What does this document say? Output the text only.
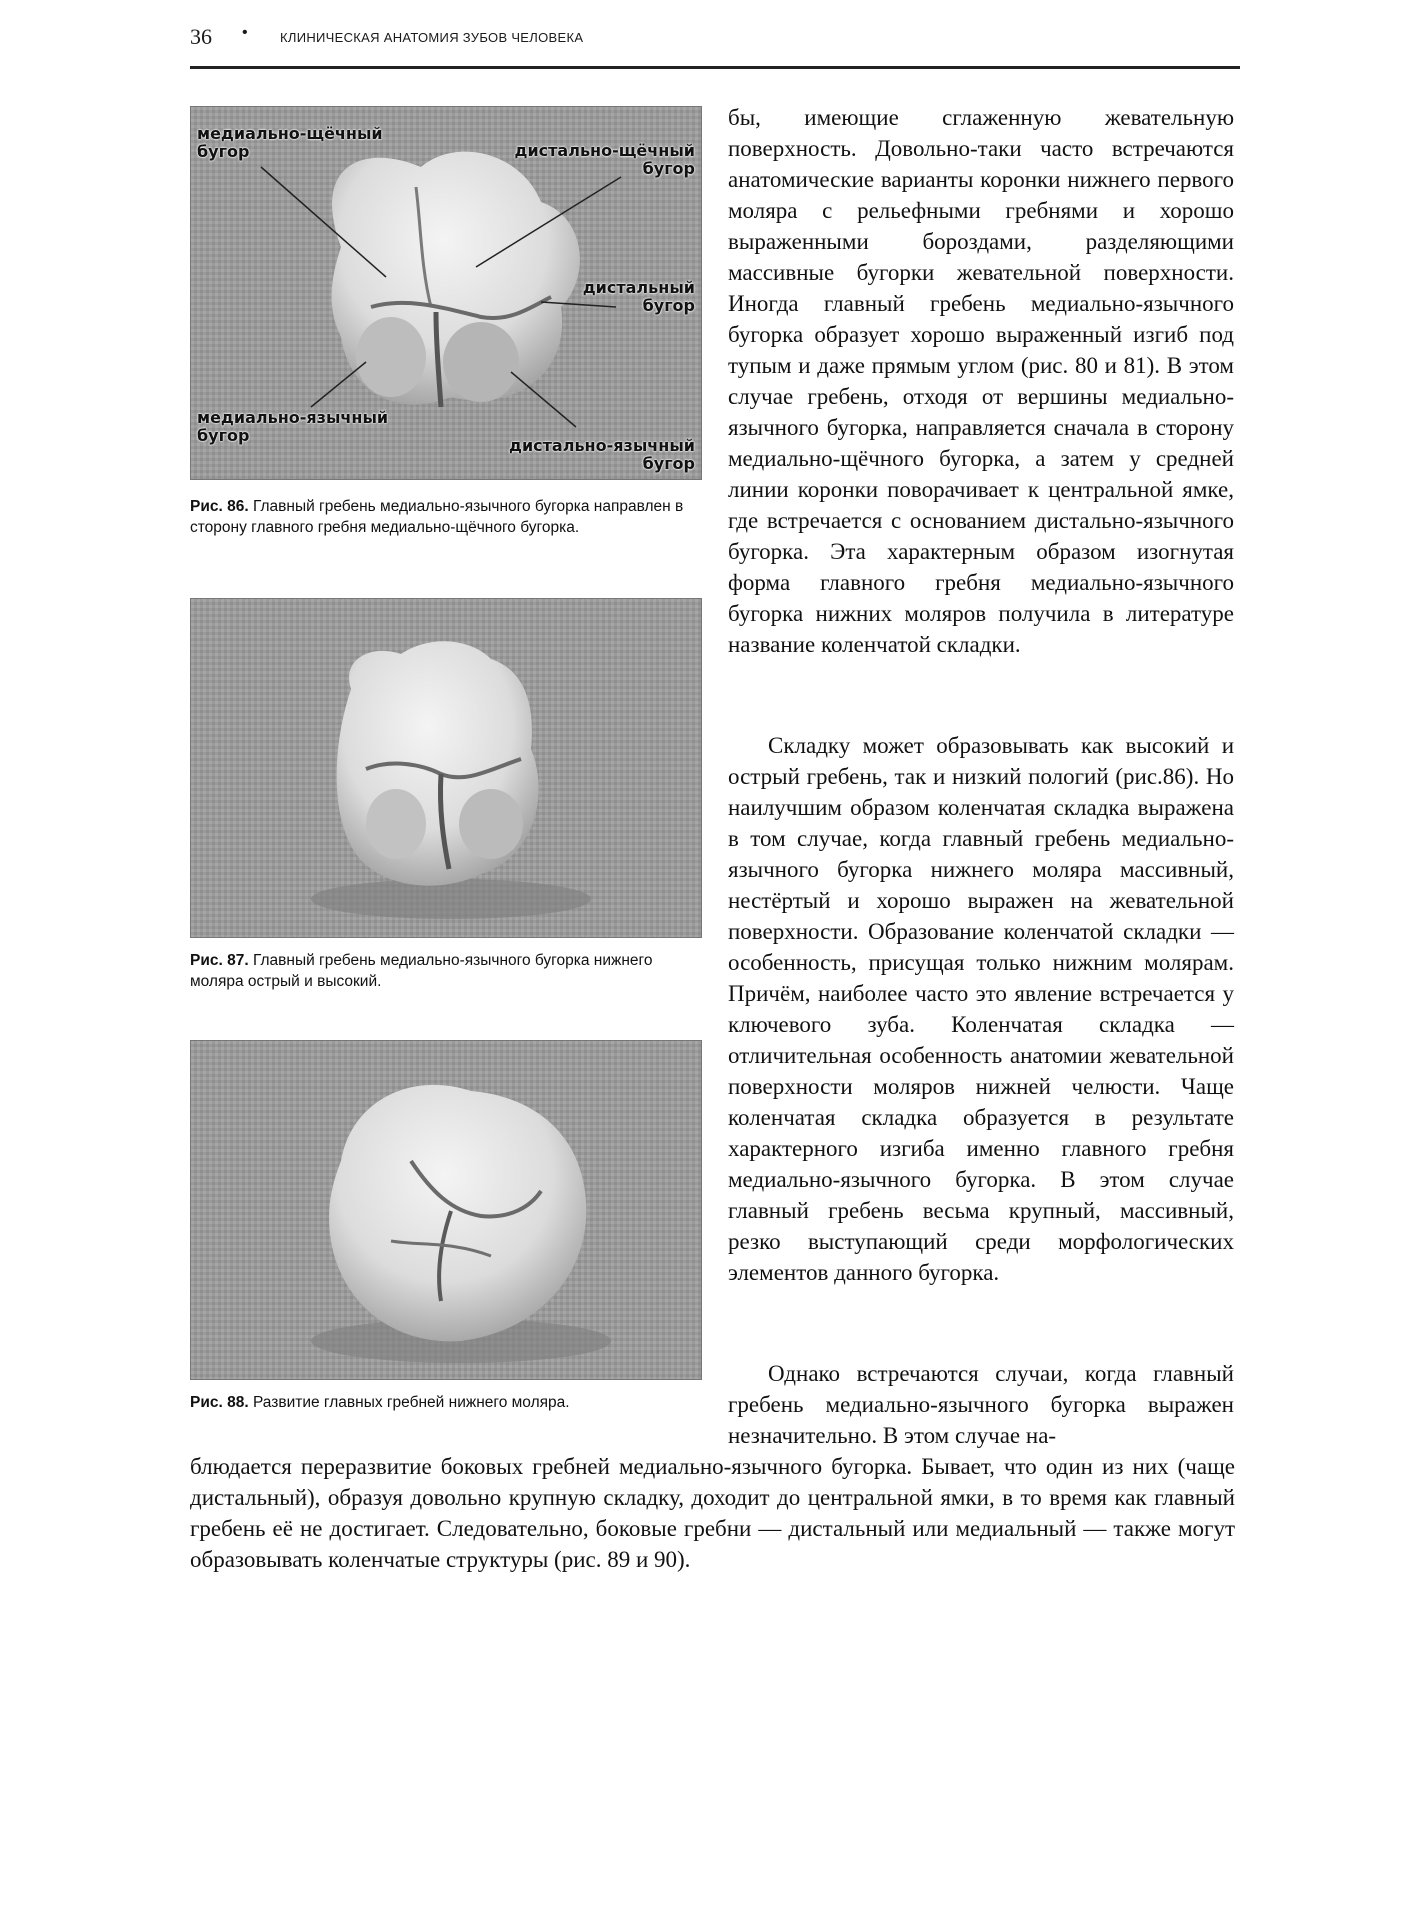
36 • КЛИНИЧЕСКАЯ АНАТОМИЯ ЗУБОВ ЧЕЛОВЕКА
медиально-щёчный бугор	дистально-щёчный бугор
дистальный бугор
медиально-язычный бугор
дистально-язычный бугор
Рис. 86. Главный гребень медиально-язычного бугорка направлен в сторону главного гребня медиально-щёчного бугорка.
Рис. 87. Главный гребень медиально-язычного бугорка нижнего моляра острый и высокий.
Рис. 88. Развитие главных гребней нижнего моляра.

бы, имеющие сглаженную жевательную поверхность. Довольно-таки часто встречаются анатомические варианты коронки нижнего первого моляра с рельефными гребнями и хорошо выраженными бороздами, разделяющими массивные бугорки жевательной поверхности. Иногда главный гребень медиально-язычного бугорка образует хорошо выраженный изгиб под тупым и даже прямым углом (рис. 80 и 81). В этом случае гребень, отходя от вершины медиально-язычного бугорка, направляется сначала в сторону медиально-щёчного бугорка, а затем у средней линии коронки поворачивает к центральной ямке, где встречается с основанием дистально-язычного бугорка. Эта характерным образом изогнутая форма главного гребня медиально-язычного бугорка нижних моляров получила в литературе название коленчатой складки.

Складку может образовывать как высокий и острый гребень, так и низкий пологий (рис.86). Но наилучшим образом коленчатая складка выражена в том случае, когда главный гребень медиально-язычного бугорка нижнего моляра массивный, нестёртый и хорошо выражен на жевательной поверхности. Образование коленчатой складки — особенность, присущая только нижним молярам. Причём, наиболее часто это явление встречается у ключевого зуба. Коленчатая складка — отличительная особенность анатомии жевательной поверхности моляров нижней челюсти. Чаще коленчатая складка образуется в результате характерного изгиба именно главного гребня медиально-язычного бугорка. В этом случае главный гребень весьма крупный, массивный, резко выступающий среди морфологических элементов данного бугорка.

Однако встречаются случаи, когда главный гребень медиально-язычного бугорка выражен незначительно. В этом случае на-

блюдается переразвитие боковых гребней медиально-язычного бугорка. Бывает, что один из них (чаще дистальный), образуя довольно крупную складку, доходит до центральной ямки, в то время как главный гребень её не достигает. Следовательно, боковые гребни — дистальный или медиальный — также могут образовывать коленчатые структуры (рис. 89 и 90).
